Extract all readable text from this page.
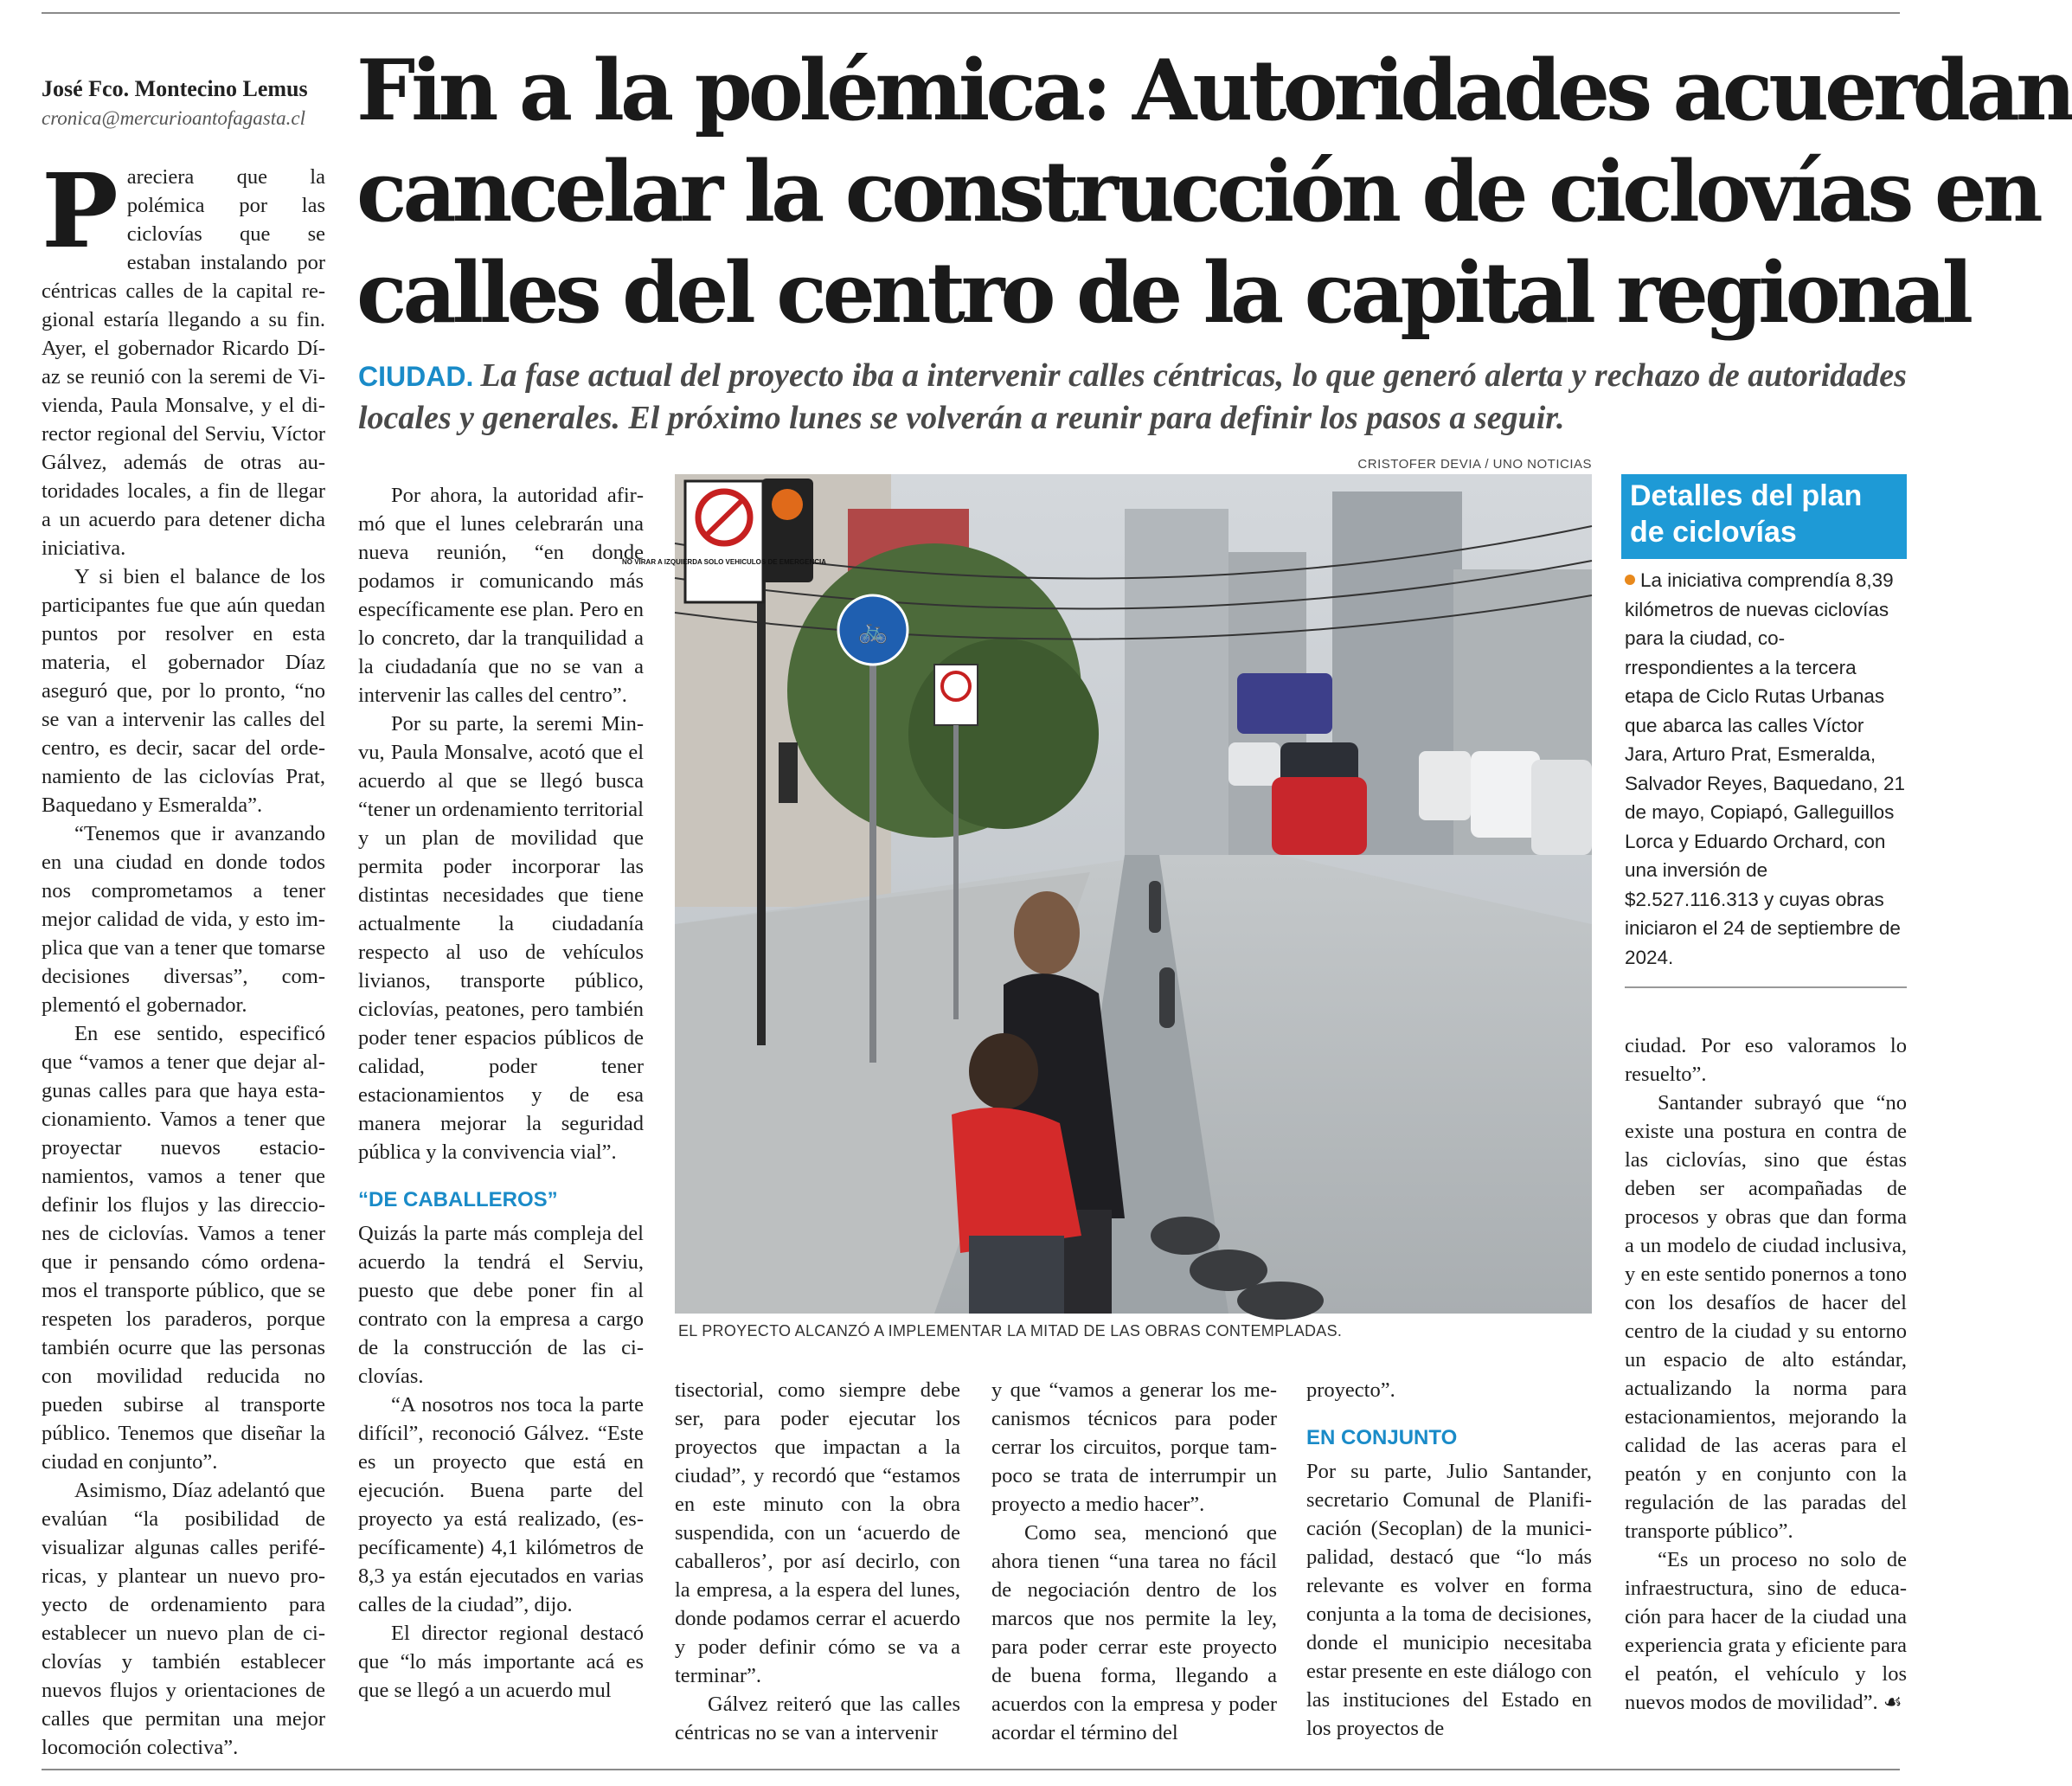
José Fco. Montecino Lemus
cronica@mercurioantofagasta.cl Fin a la polémica: Autoridades acuerdan
cancelar la construcción de ciclovías en
calles del centro de la capital regional
CIUDAD. La fase actual del proyecto iba a intervenir calles céntricas, lo que generó alerta y rechazo de autoridades locales y generales. El próximo lunes se volverán a reunir para definir los pasos a seguir.

Pareciera que la polémica por las ciclovías que se estaban instalando por céntricas calles de la capital regional estaría llegando a su fin. Ayer, el gobernador Ricardo Díaz se reunió con la seremi de Vivienda, Paula Monsalve, y el director regional del Serviu, Víctor Gálvez, además de otras autoridades locales, a fin de llegar a un acuerdo para detener dicha iniciativa.

Y si bien el balance de los participantes fue que aún quedan puntos por resolver en esta materia, el gobernador Díaz aseguró que, por lo pronto, “no se van a intervenir las calles del centro, es decir, sacar del ordenamiento de las ciclovías Prat, Baquedano y Esmeralda”.

“Tenemos que ir avanzando en una ciudad en donde todos nos comprometamos a tener mejor calidad de vida, y esto implica que van a tener que tomarse decisiones diversas”, complementó el gobernador.

En ese sentido, especificó que “vamos a tener que dejar algunas calles para que haya estacionamiento. Vamos a tener que proyectar nuevos estacionamientos, vamos a tener que definir los flujos y las direcciones de ciclovías. Vamos a tener que ir pensando cómo ordenamos el transporte público, que se respeten los paraderos, porque también ocurre que las personas con movilidad reducida no pueden subirse al transporte público. Tenemos que diseñar la ciudad en conjunto”.

Asimismo, Díaz adelantó que evalúan “la posibilidad de visualizar algunas calles periféricas, y plantear un nuevo proyecto de ordenamiento para establecer un nuevo plan de ciclovías y también establecer nuevos flujos y orientaciones de calles que permitan una mejor locomoción colectiva”.

Por ahora, la autoridad afirmó que el lunes celebrarán una nueva reunión, “en donde podamos ir comunicando más específicamente ese plan. Pero en lo concreto, dar la tranquilidad a la ciudadanía que no se van a intervenir las calles del centro”.

Por su parte, la seremi Minvu, Paula Monsalve, acotó que el acuerdo al que se llegó busca “tener un ordenamiento territorial y un plan de movilidad que permita poder incorporar las distintas necesidades que tiene actualmente la ciudadanía respecto al uso de vehículos livianos, transporte público, ciclovías, peatones, pero también poder tener espacios públicos de calidad, poder tener estacionamientos y de esa manera mejorar la seguridad pública y la convivencia vial”.

“DE CABALLEROS”

Quizás la parte más compleja del acuerdo la tendrá el Serviu, puesto que debe poner fin al contrato con la empresa a cargo de la construcción de las ciclovías.

“A nosotros nos toca la parte difícil”, reconoció Gálvez. “Este es un proyecto que está en ejecución. Buena parte del proyecto ya está realizado, (específicamente) 4,1 kilómetros de 8,3 ya están ejecutados en varias calles de la ciudad”, dijo.

El director regional destacó que “lo más importante acá es que se llegó a un acuerdo mul

CRISTOFER DEVIA / UNO NOTICIAS
NO VIRAR A IZQUIERDA SOLO VEHICULOS DE EMERGENCIA
🚲
EL PROYECTO ALCANZÓ A IMPLEMENTAR LA MITAD DE LAS OBRAS CONTEMPLADAS.

tisectorial, como siempre debe ser, para poder ejecutar los proyectos que impactan a la ciudad”, y recordó que “estamos en este minuto con la obra suspendida, con un ‘acuerdo de caballeros’, por así decirlo, con la empresa, a la espera del lunes, donde podamos cerrar el acuerdo y poder definir cómo se va a terminar”.

Gálvez reiteró que las calles céntricas no se van a intervenir

y que “vamos a generar los mecanismos técnicos para poder cerrar los circuitos, porque tampoco se trata de interrumpir un proyecto a medio hacer”.

Como sea, mencionó que ahora tienen “una tarea no fácil de negociación dentro de los marcos que nos permite la ley, para poder cerrar este proyecto de buena forma, llegando a acuerdos con la empresa y poder acordar el término del

proyecto”.

EN CONJUNTO

Por su parte, Julio Santander, secretario Comunal de Planificación (Secoplan) de la municipalidad, destacó que “lo más relevante es volver en forma conjunta a la toma de decisiones, donde el municipio necesitaba estar presente en este diálogo con las instituciones del Estado en los proyectos de

Detalles del plan de ciclovías
La iniciativa comprendía 8,39 kilómetros de nuevas ciclovías para la ciudad, correspondientes a la tercera etapa de Ciclo Rutas Urbanas que abarca las calles Víctor Jara, Arturo Prat, Esmeralda, Salvador Reyes, Baquedano, 21 de mayo, Copiapó, Galleguillos Lorca y Eduardo Orchard, con una inversión de $2.527.116.313 y cuyas obras iniciaron el 24 de septiembre de 2024.

ciudad. Por eso valoramos lo resuelto”.

Santander subrayó que “no existe una postura en contra de las ciclovías, sino que éstas deben ser acompañadas de procesos y obras que dan forma a un modelo de ciudad inclusiva, y en este sentido ponernos a tono con los desafíos de hacer del centro de la ciudad y su entorno un espacio de alto estándar, actualizando la norma para estacionamientos, mejorando la calidad de las aceras para el peatón y en conjunto con la regulación de las paradas del transporte público”.

“Es un proceso no solo de infraestructura, sino de educación para hacer de la ciudad una experiencia grata y eficiente para el peatón, el vehículo y los nuevos modos de movilidad”. ☙
